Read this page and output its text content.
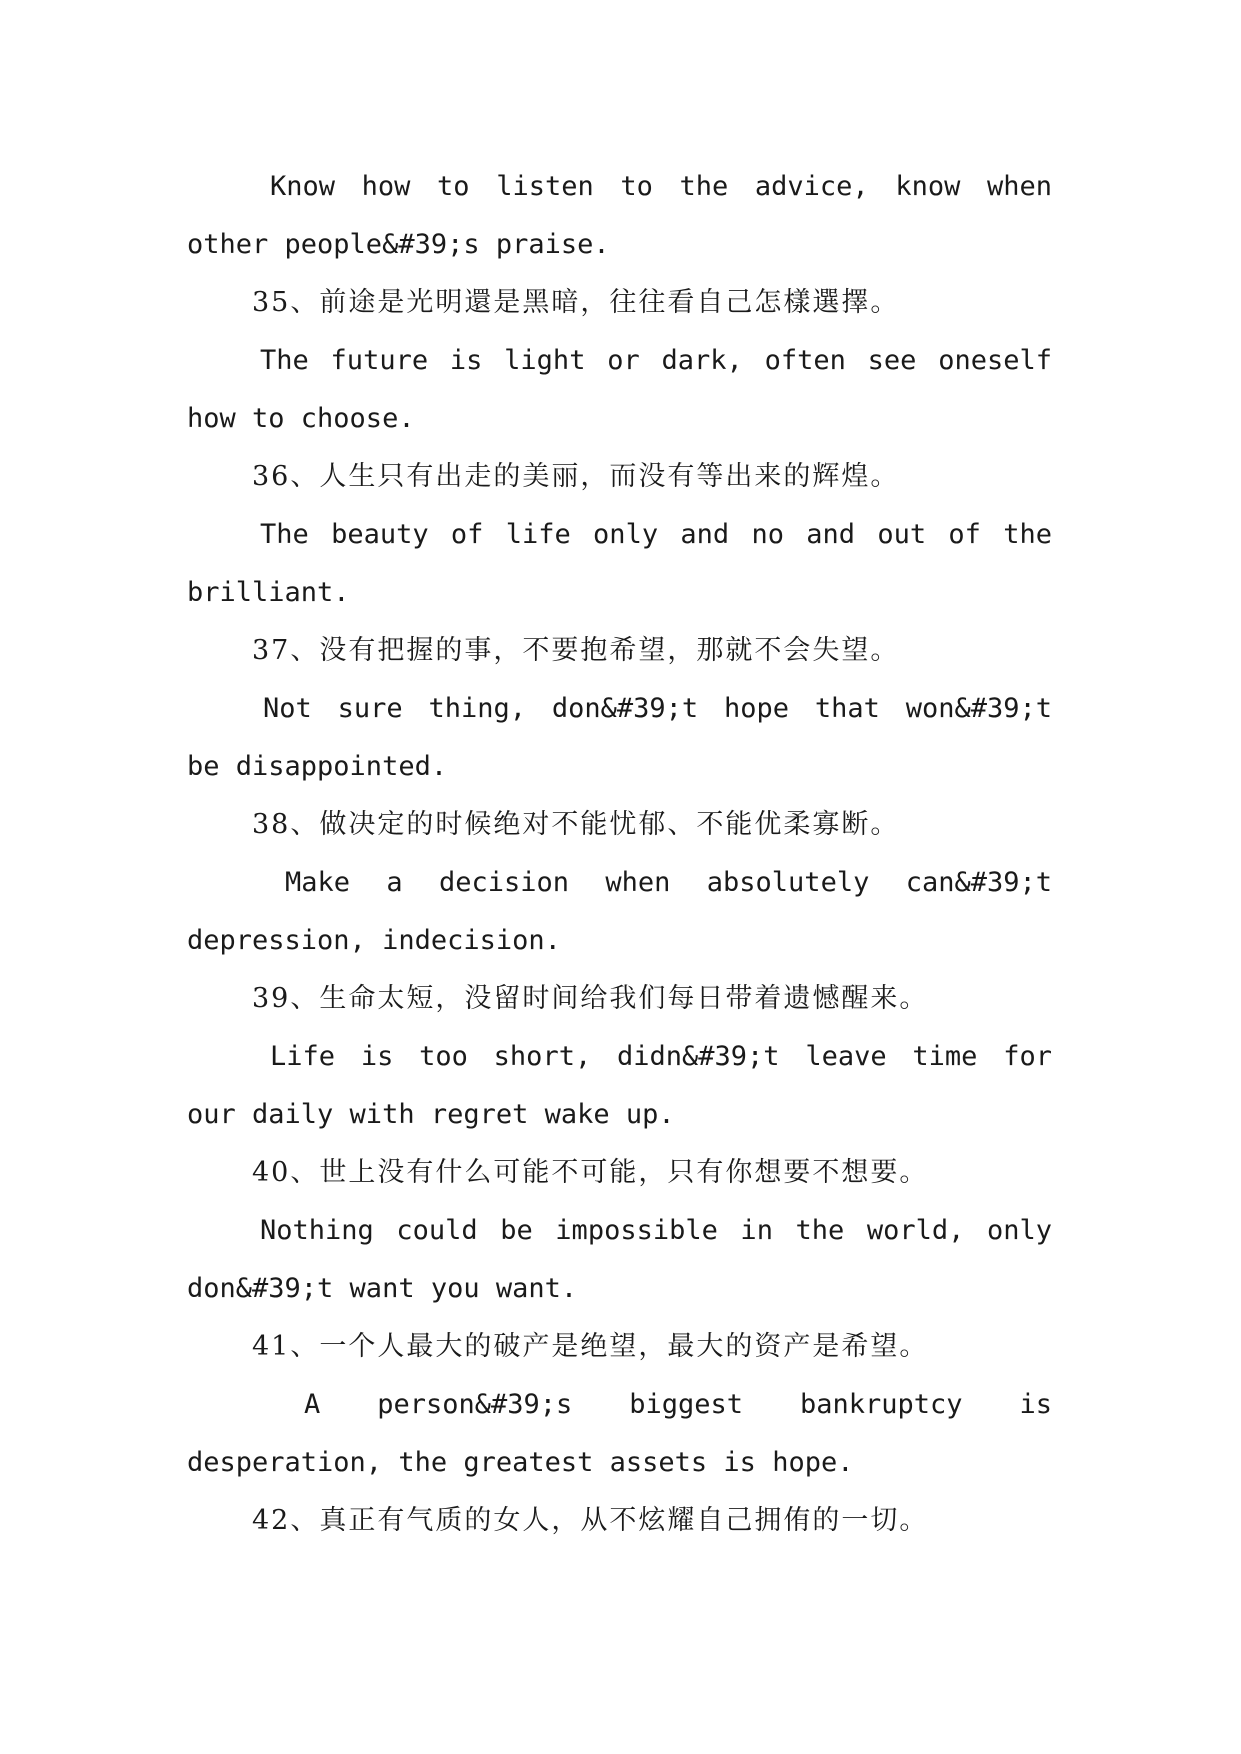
Know how to listen to the advice, know when
other people&#39;s praise.
35、前途是光明還是黑暗，往往看自己怎樣選擇。
The future is light or dark, often see oneself
how to choose.
36、人生只有出走的美丽，而没有等出来的辉煌。
The beauty of life only and no and out of the
brilliant.
37、没有把握的事，不要抱希望，那就不会失望。
Not sure thing, don&#39;t hope that won&#39;t
be disappointed.
38、做决定的时候绝对不能忧郁、不能优柔寡断。
Make a decision when absolutely can&#39;t
depression, indecision.
39、生命太短，没留时间给我们每日带着遗憾醒来。
Life is too short, didn&#39;t leave time for
our daily with regret wake up.
40、世上没有什么可能不可能，只有你想要不想要。
Nothing could be impossible in the world, only
don&#39;t want you want.
41、一个人最大的破产是绝望，最大的资产是希望。
A person&#39;s biggest bankruptcy is
desperation, the greatest assets is hope.
42、真正有气质的女人，从不炫耀自己拥侑的一切。
